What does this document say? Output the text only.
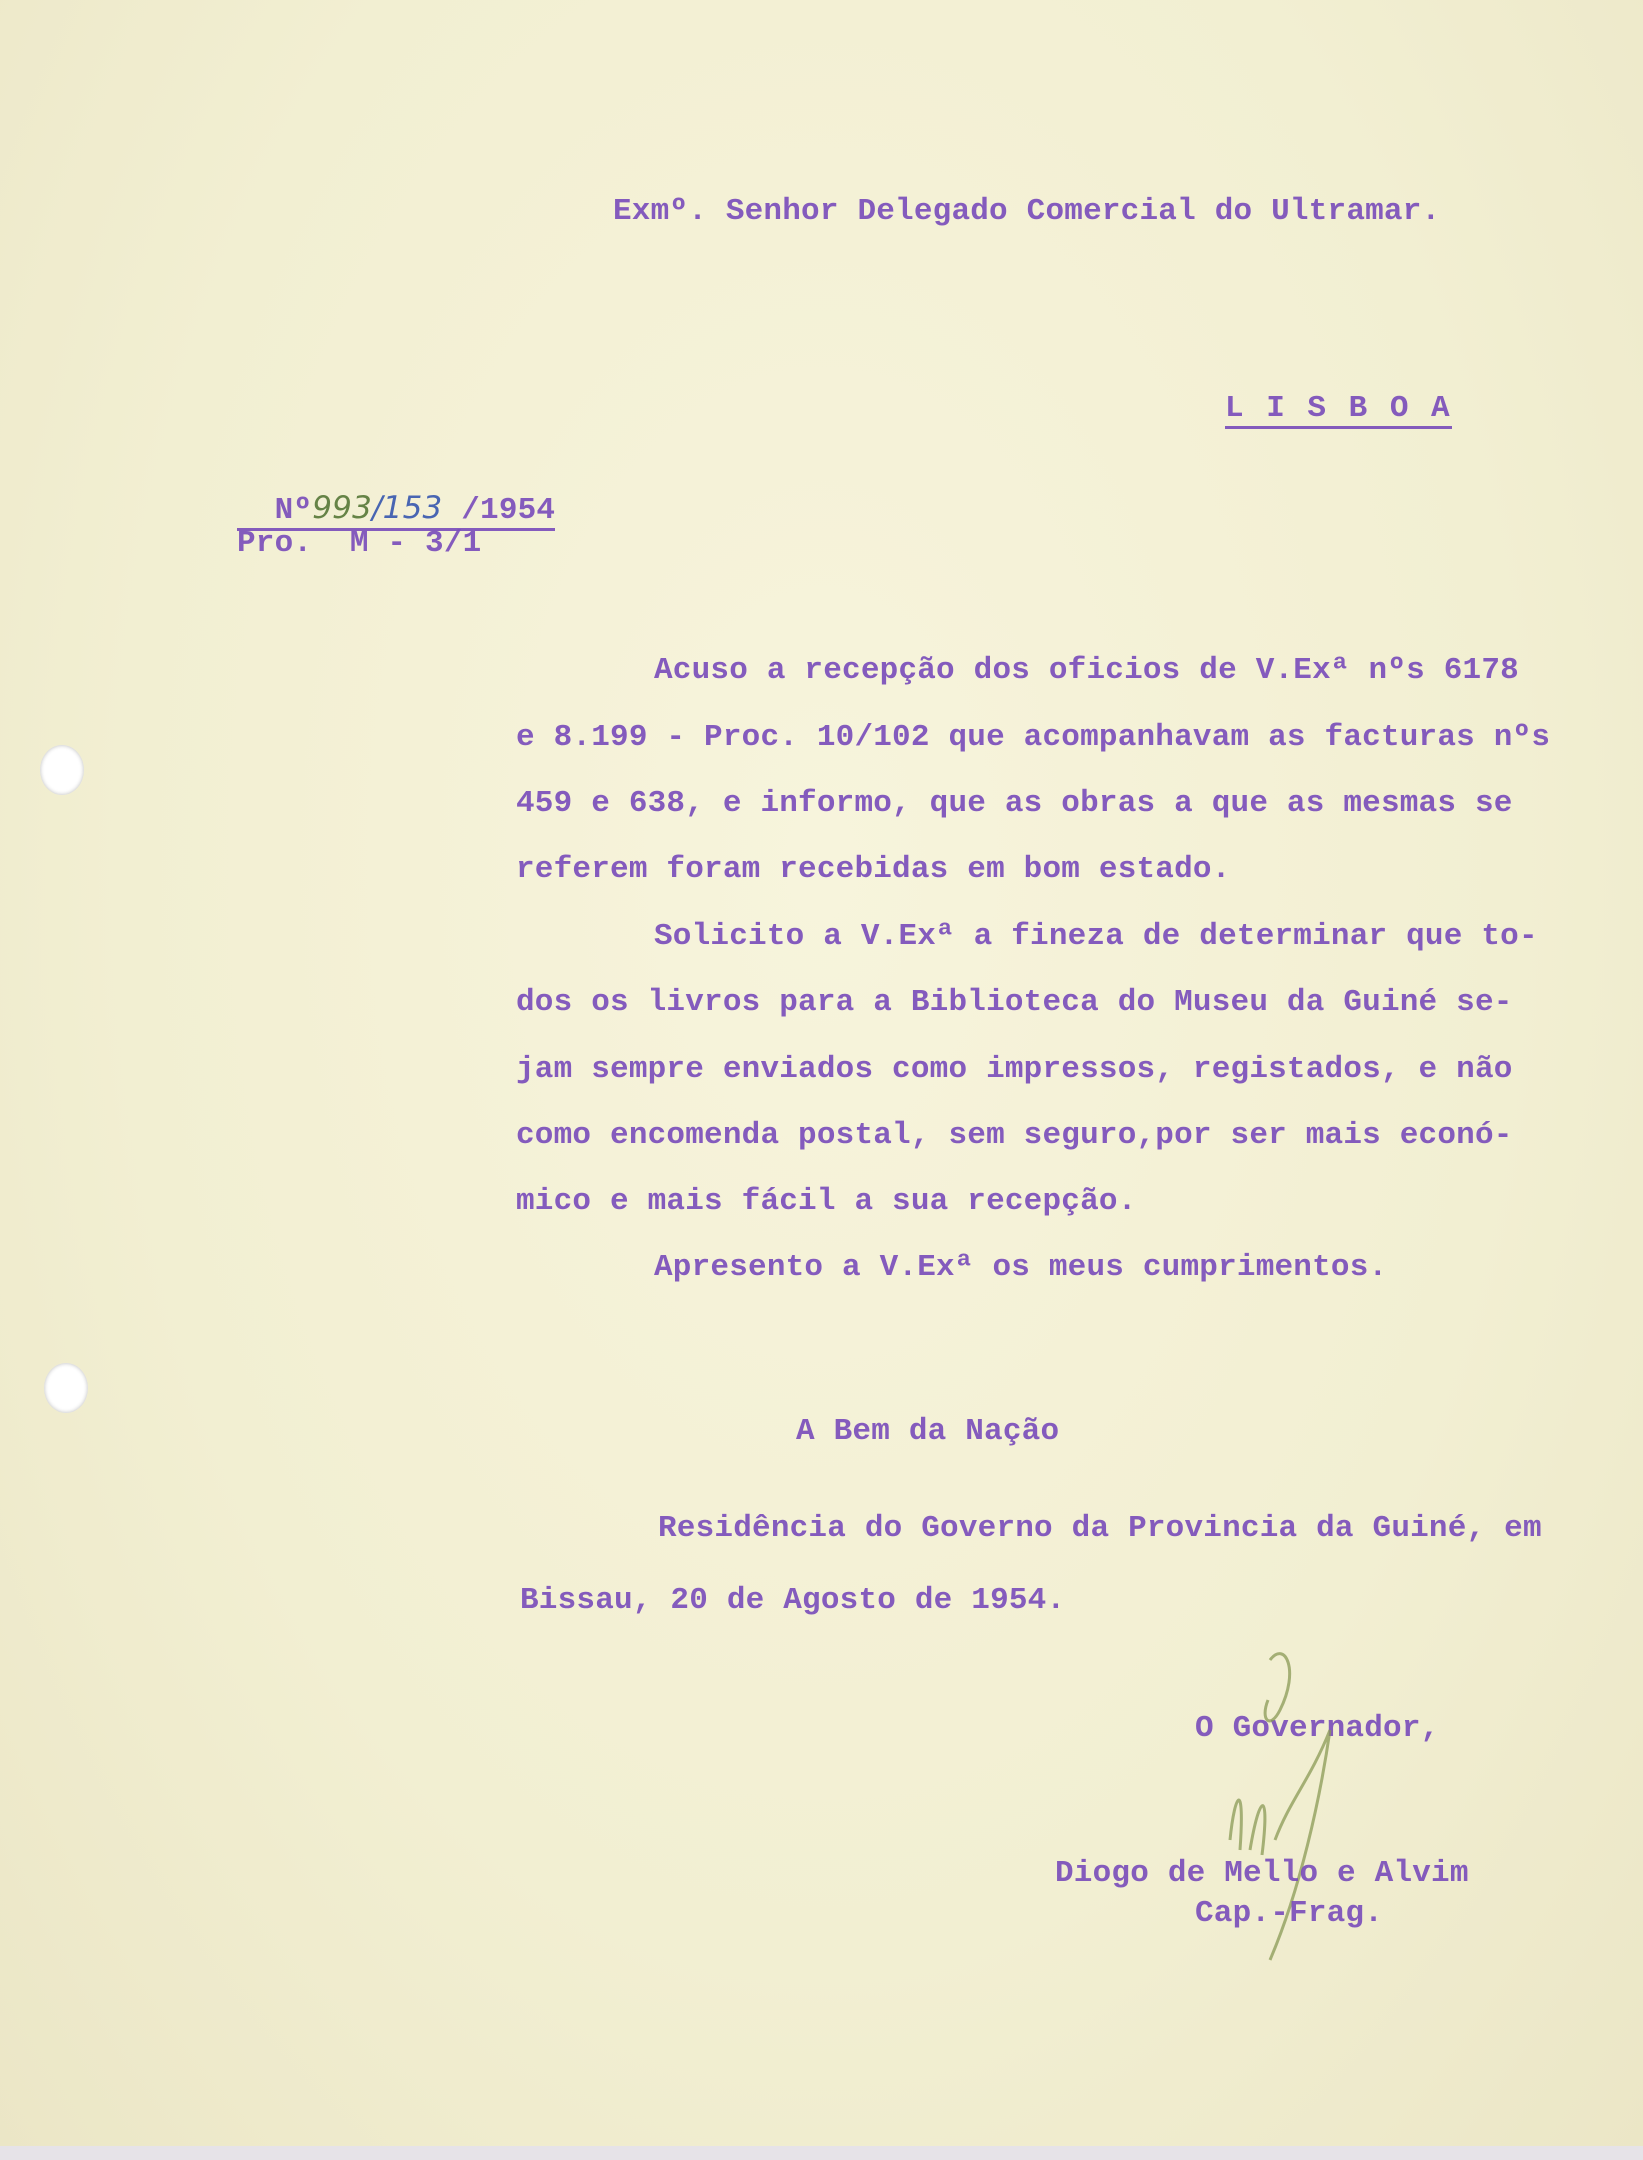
Exmº. Senhor Delegado Comercial do Ultramar.
L I S B O A

Nº993/153 /1954

Pro.  M - 3/1
Acuso a recepção dos oficios de V.Exª nºs 6178
e 8.199 - Proc. 10/102 que acompanhavam as facturas nºs
459 e 638, e informo, que as obras a que as mesmas se
referem foram recebidas em bom estado.
Solicito a V.Exª a fineza de determinar que to-
dos os livros para a Biblioteca do Museu da Guiné se-
jam sempre enviados como impressos, registados, e não
como encomenda postal, sem seguro,por ser mais econó-
mico e mais fácil a sua recepção.
Apresento a V.Exª os meus cumprimentos.
A Bem da Nação
Residência do Governo da Provincia da Guiné, em
Bissau, 20 de Agosto de 1954.
O Governador,
Diogo de Mello e Alvim
Cap.-Frag.
